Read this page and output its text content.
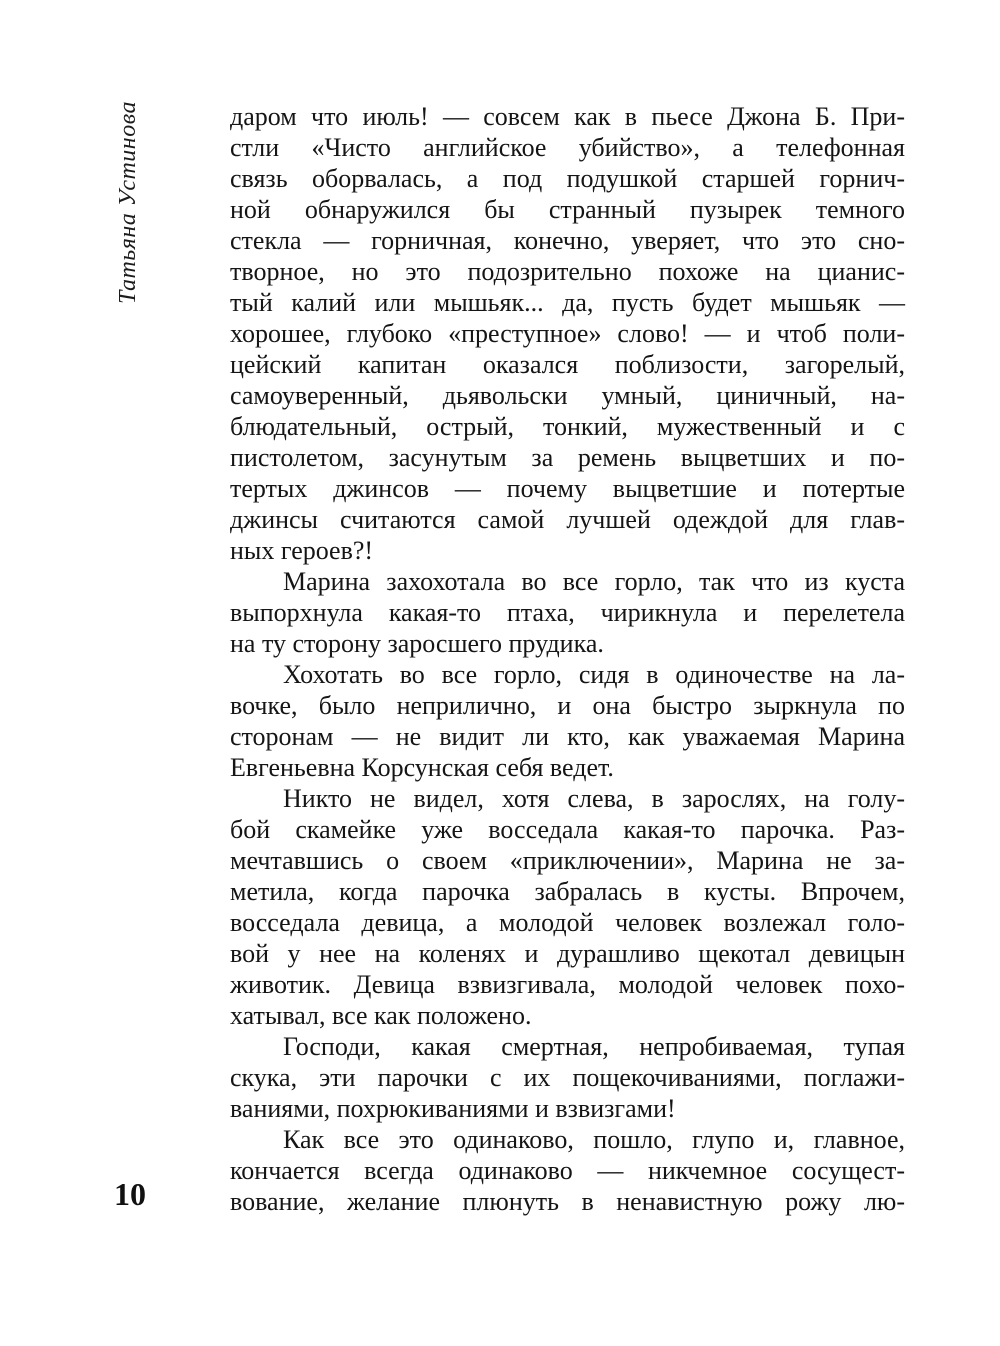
Татьяна Устинова
10
даром что июль! — совсем как в пьесе Джона Б. При-
стли «Чисто английское убийство», а телефонная
связь оборвалась, а под подушкой старшей горнич-
ной обнаружился бы странный пузырек темного
стекла — горничная, конечно, уверяет, что это сно-
творное, но это подозрительно похоже на цианис-
тый калий или мышьяк... да, пусть будет мышьяк —
хорошее, глубоко «преступное» слово! — и чтоб поли-
цейский капитан оказался поблизости, загорелый,
самоуверенный, дьявольски умный, циничный, на-
блюдательный, острый, тонкий, мужественный и с
пистолетом, засунутым за ремень выцветших и по-
тертых джинсов — почему выцветшие и потертые
джинсы считаются самой лучшей одеждой для глав-
ных героев?!
Марина захохотала во все горло, так что из куста
выпорхнула какая-то птаха, чирикнула и перелетела
на ту сторону заросшего прудика.
Хохотать во все горло, сидя в одиночестве на ла-
вочке, было неприлично, и она быстро зыркнула по
сторонам — не видит ли кто, как уважаемая Марина
Евгеньевна Корсунская себя ведет.
Никто не видел, хотя слева, в зарослях, на голу-
бой скамейке уже восседала какая-то парочка. Раз-
мечтавшись о своем «приключении», Марина не за-
метила, когда парочка забралась в кусты. Впрочем,
восседала девица, а молодой человек возлежал голо-
вой у нее на коленях и дурашливо щекотал девицын
животик. Девица взвизгивала, молодой человек похо-
хатывал, все как положено.
Господи, какая смертная, непробиваемая, тупая
скука, эти парочки с их пощекочиваниями, поглажи-
ваниями, похрюкиваниями и взвизгами!
Как все это одинаково, пошло, глупо и, главное,
кончается всегда одинаково — никчемное сосущест-
вование, желание плюнуть в ненавистную рожу лю-
